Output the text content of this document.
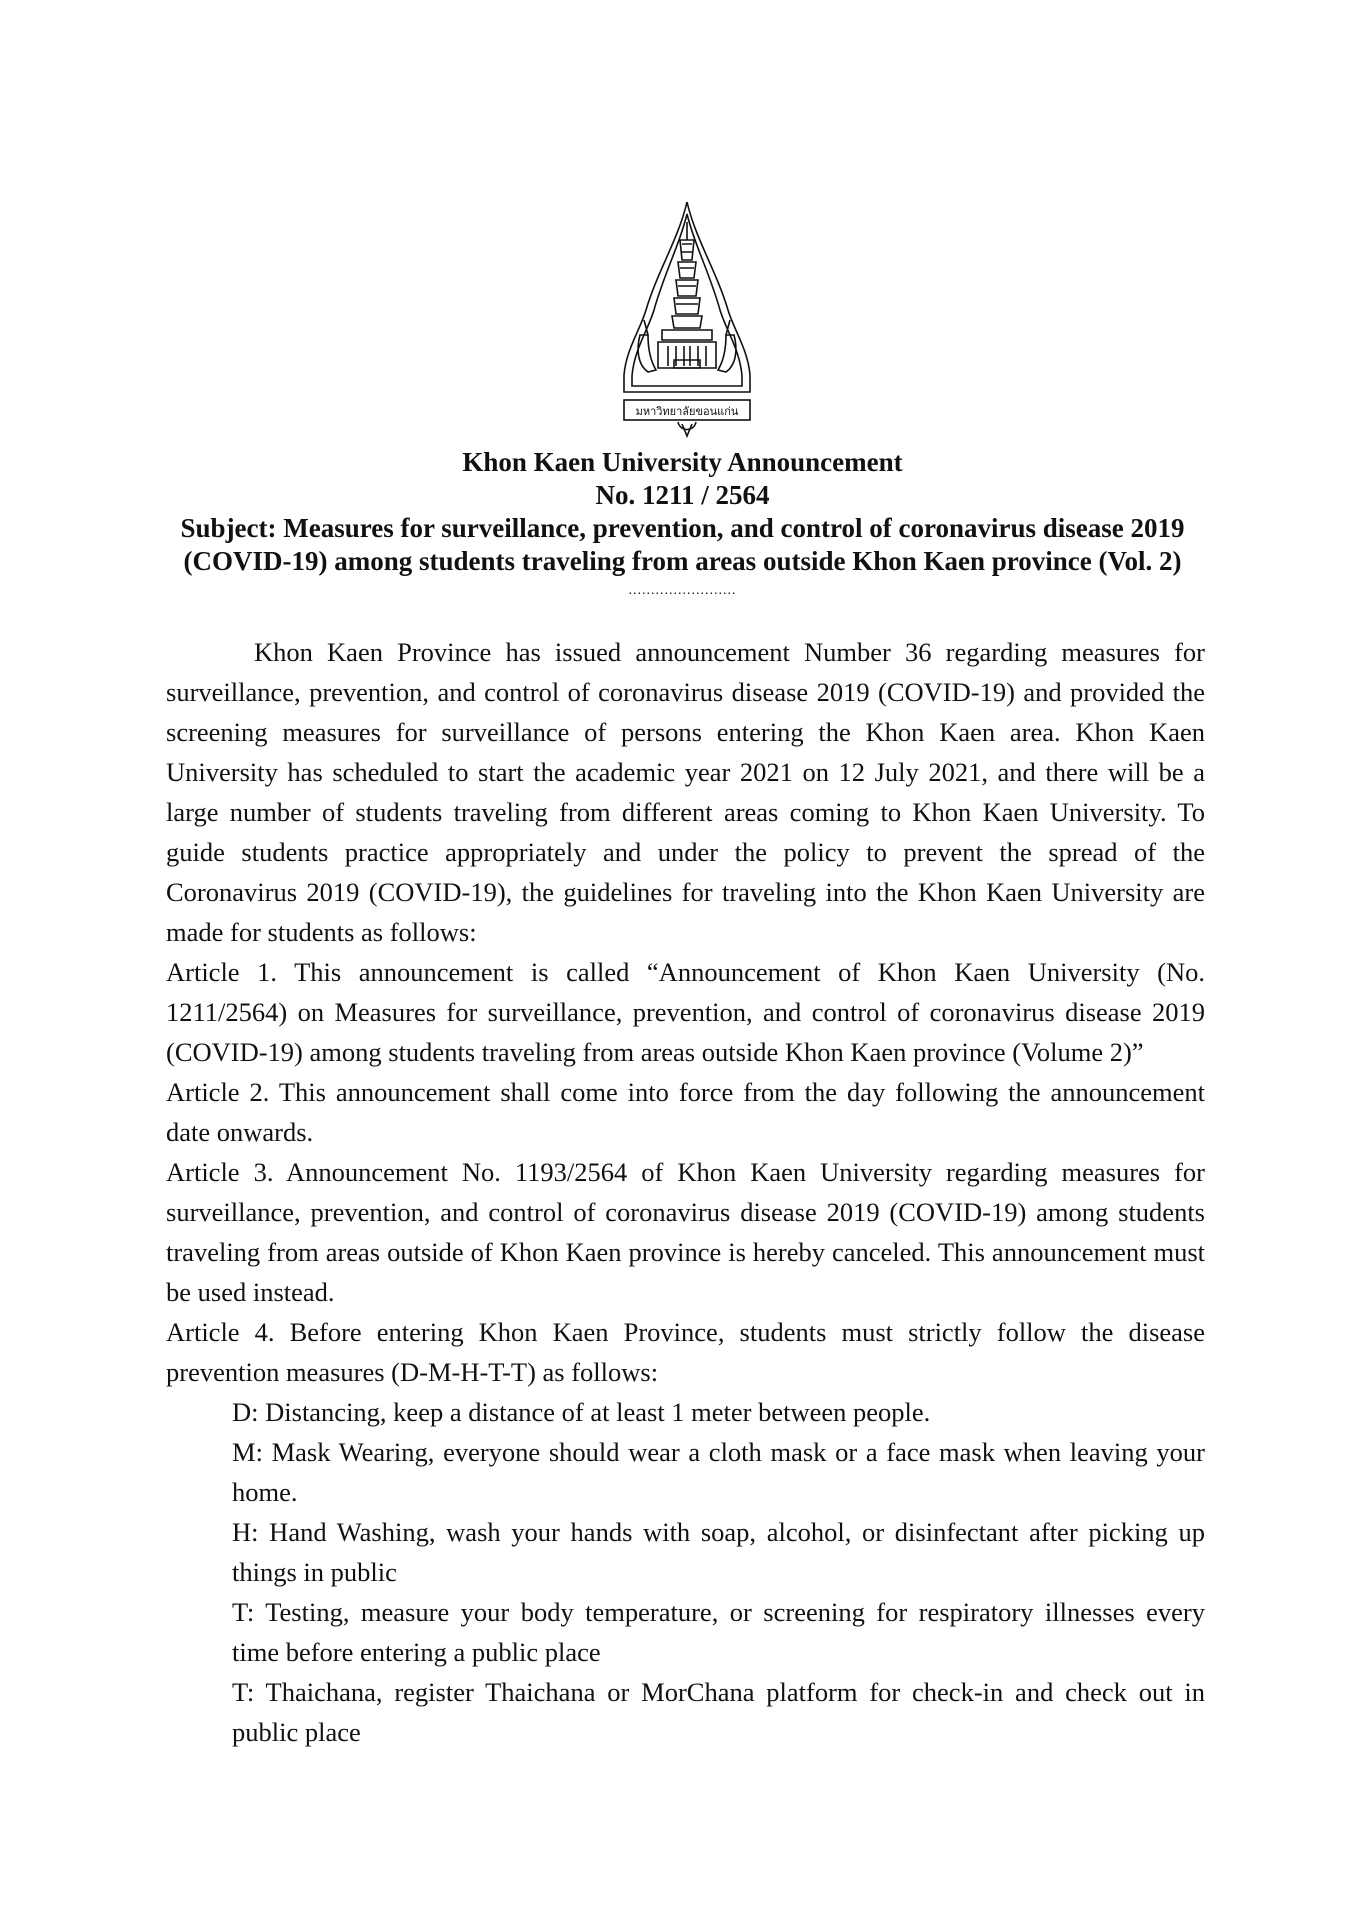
มหาวิทยาลัยขอนแก่น
Khon Kaen University Announcement
No. 1211 / 2564
Subject: Measures for surveillance, prevention, and control of coronavirus disease 2019
(COVID-19) among students traveling from areas outside Khon Kaen province (Vol. 2)
........................

Khon Kaen Province has issued announcement Number 36 regarding measures for surveillance, prevention, and control of coronavirus disease 2019 (COVID-19) and provided the screening measures for surveillance of persons entering the Khon Kaen area. Khon Kaen University has scheduled to start the academic year 2021 on 12 July 2021, and there will be a large number of students traveling from different areas coming to Khon Kaen University. To guide students practice appropriately and under the policy to prevent the spread of the Coronavirus 2019 (COVID-19), the guidelines for traveling into the Khon Kaen University are made for students as follows:

Article 1. This announcement is called “Announcement of Khon Kaen University (No. 1211/2564) on Measures for surveillance, prevention, and control of coronavirus disease 2019 (COVID-19) among students traveling from areas outside Khon Kaen province (Volume 2)”

Article 2. This announcement shall come into force from the day following the announcement date onwards.

Article 3. Announcement No. 1193/2564 of Khon Kaen University regarding measures for surveillance, prevention, and control of coronavirus disease 2019 (COVID-19) among students traveling from areas outside of Khon Kaen province is hereby canceled. This announcement must be used instead.

Article 4. Before entering Khon Kaen Province, students must strictly follow the disease prevention measures (D-M-H-T-T) as follows:

D: Distancing, keep a distance of at least 1 meter between people.

M: Mask Wearing, everyone should wear a cloth mask or a face mask when leaving your home.

H: Hand Washing, wash your hands with soap, alcohol, or disinfectant after picking up things in public

T: Testing, measure your body temperature, or screening for respiratory illnesses every time before entering a public place

T: Thaichana, register Thaichana or MorChana platform for check-in and check out in public place
